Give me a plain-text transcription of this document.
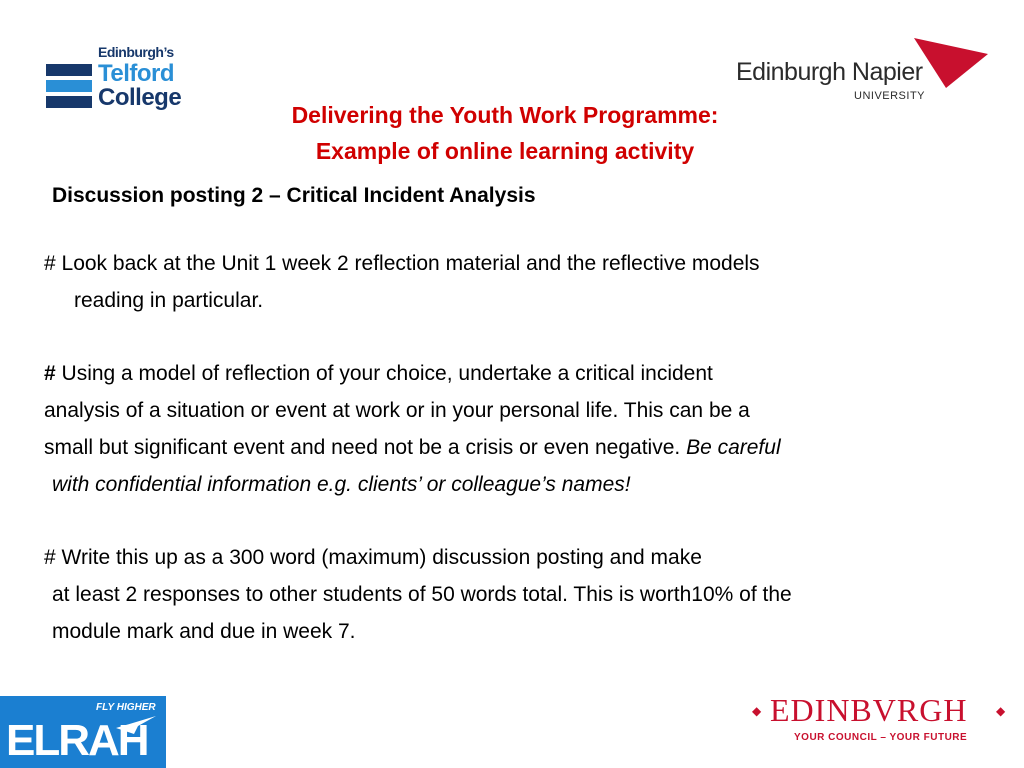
Edinburgh’s
Telford
College
Edinburgh Napier
UNIVERSITY
Delivering the Youth Work Programme:
Example of online learning activity
Discussion posting 2 – Critical Incident Analysis
# Look back at the Unit 1 week 2 reflection material and the reflective models
reading in particular.
# Using a model of reflection of your choice, undertake a critical incident
analysis of a situation or event at work or in your personal life. This can be a
small but significant event and need not be a crisis or even negative. Be careful
with confidential information e.g. clients’ or colleague’s names!
# Write this up as a 300 word (maximum) discussion posting and make
at least 2 responses to other students of 50 words total. This is worth10% of the
module mark and due in week 7.
FLY HIGHER
ELRAH
◆ EDINBVRGH ◆
YOUR COUNCIL – YOUR FUTURE
